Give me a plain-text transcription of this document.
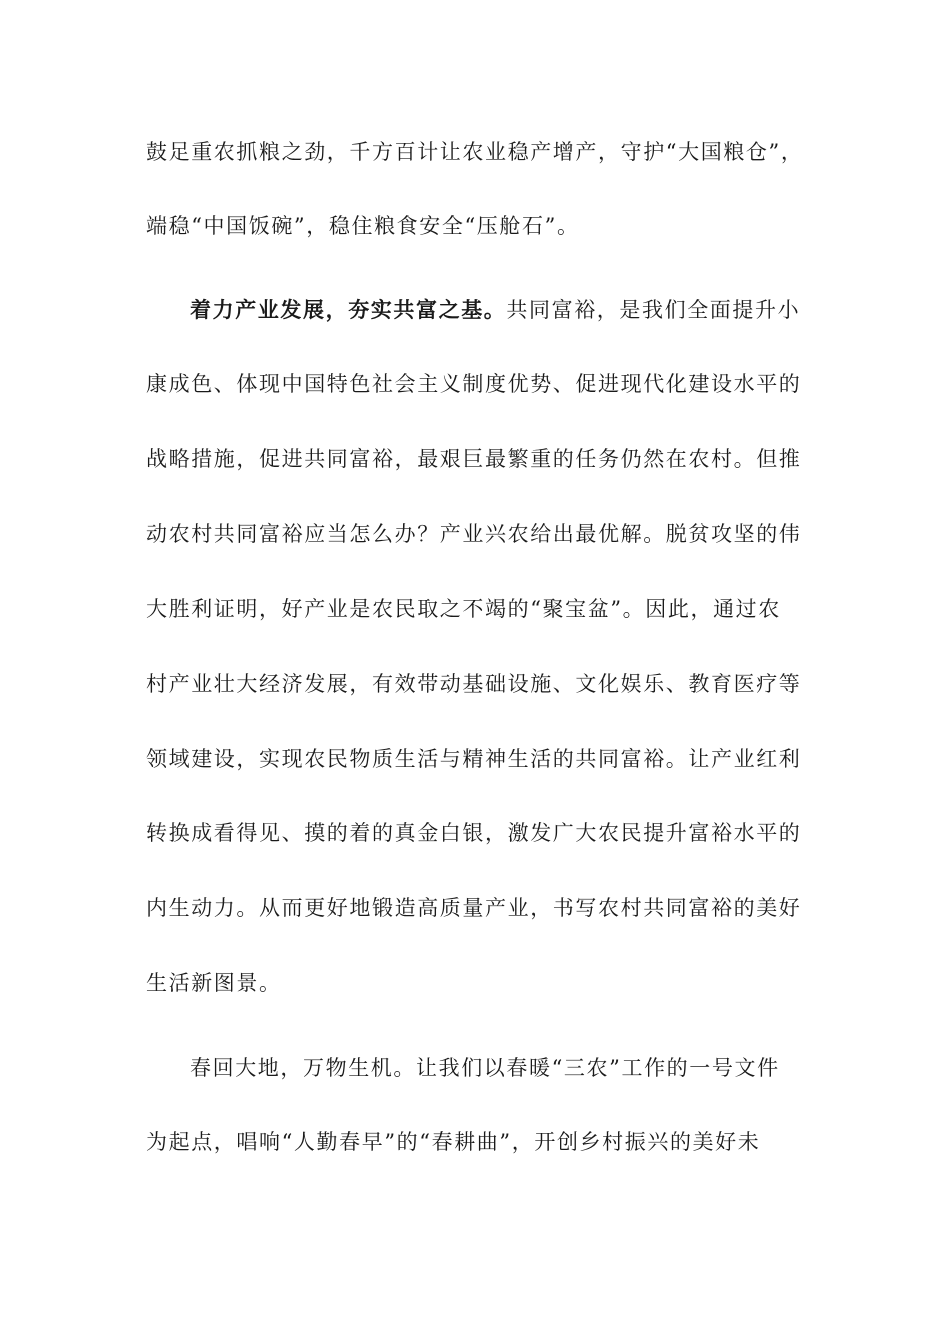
鼓足重农抓粮之劲，千方百计让农业稳产增产，守护“大国粮仓”，
端稳“中国饭碗”，稳住粮食安全“压舱石”。
着力产业发展，夯实共富之基。共同富裕，是我们全面提升小
康成色、体现中国特色社会主义制度优势、促进现代化建设水平的
战略措施，促进共同富裕，最艰巨最繁重的任务仍然在农村。但推
动农村共同富裕应当怎么办？产业兴农给出最优解。脱贫攻坚的伟
大胜利证明，好产业是农民取之不竭的“聚宝盆”。因此，通过农
村产业壮大经济发展，有效带动基础设施、文化娱乐、教育医疗等
领域建设，实现农民物质生活与精神生活的共同富裕。让产业红利
转换成看得见、摸的着的真金白银，激发广大农民提升富裕水平的
内生动力。从而更好地锻造高质量产业，书写农村共同富裕的美好
生活新图景。
春回大地，万物生机。让我们以春暖“三农”工作的一号文件
为起点，唱响“人勤春早”的“春耕曲”，开创乡村振兴的美好未
